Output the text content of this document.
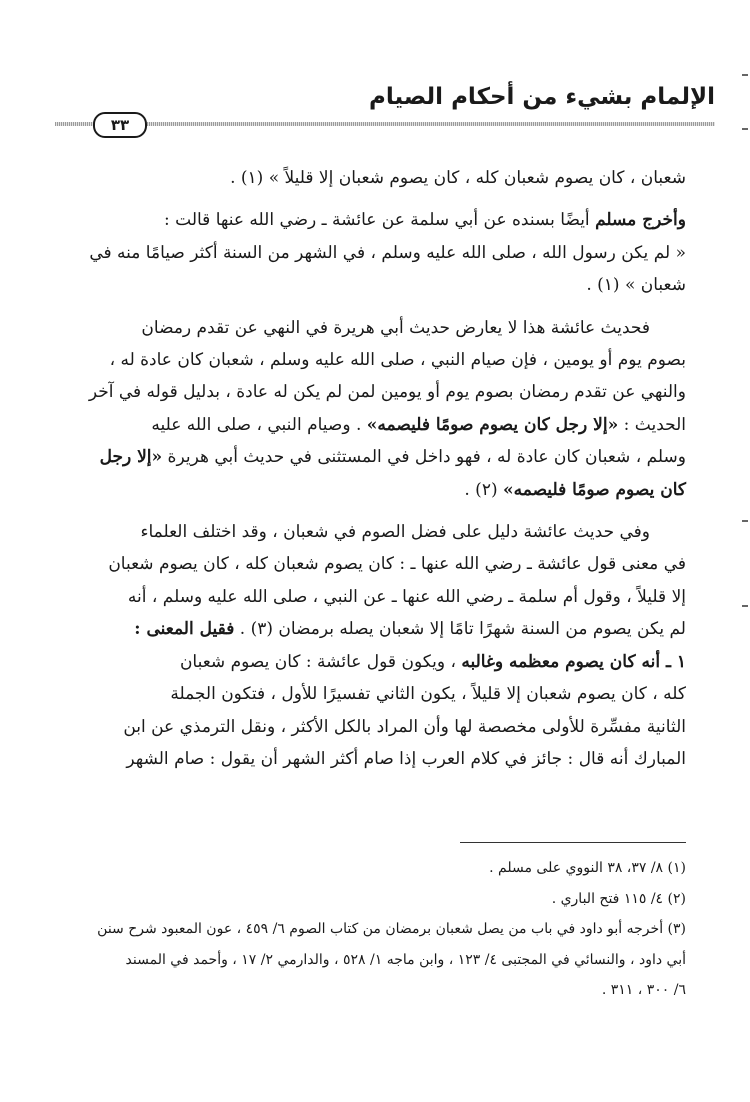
الإلمام بشيء من أحكام الصيام
٣٣

شعبان ، كان يصوم شعبان كله ، كان يصوم شعبان إلا قليلاً » (١) .

وأخرج مسلم أيضًا بسنده عن أبي سلمة عن عائشة ـ رضي الله عنها قالت :

« لم يكن رسول الله ، صلى الله عليه وسلم ، في الشهر من السنة أكثر صيامًا منه في

شعبان » (١) .

فحديث عائشة هذا لا يعارض حديث أبي هريرة في النهي عن تقدم رمضان

بصوم يوم أو يومين ، فإن صيام النبي ، صلى الله عليه وسلم ، شعبان كان عادة له ،

والنهي عن تقدم رمضان بصوم يوم أو يومين لمن لم يكن له عادة ، بدليل قوله في آخر

الحديث : «إلا رجل كان يصوم صومًا فليصمه» . وصيام النبي ، صلى الله عليه

وسلم ، شعبان كان عادة له ، فهو داخل في المستثنى في حديث أبي هريرة «إلا رجل

كان يصوم صومًا فليصمه» (٢) .

وفي حديث عائشة دليل على فضل الصوم في شعبان ، وقد اختلف العلماء

في معنى قول عائشة ـ رضي الله عنها ـ : كان يصوم شعبان كله ، كان يصوم شعبان

إلا قليلاً ، وقول أم سلمة ـ رضي الله عنها ـ عن النبي ، صلى الله عليه وسلم ، أنه

لم يكن يصوم من السنة شهرًا تامًا إلا شعبان يصله برمضان (٣) . فقيل المعنى :

١ ـ أنه كان يصوم معظمه وغالبه ، ويكون قول عائشة : كان يصوم شعبان

كله ، كان يصوم شعبان إلا قليلاً ، يكون الثاني تفسيرًا للأول ، فتكون الجملة

الثانية مفسِّرة للأولى مخصصة لها وأن المراد بالكل الأكثر ، ونقل الترمذي عن ابن

المبارك أنه قال : جائز في كلام العرب إذا صام أكثر الشهر أن يقول : صام الشهر

(١) ٨/ ٣٧، ٣٨ النووي على مسلم .

(٢) ٤/ ١١٥ فتح الباري .

(٣) أخرجه أبو داود في باب من يصل شعبان برمضان من كتاب الصوم ٦/ ٤٥٩ ، عون المعبود شرح سنن

أبي داود ، والنسائي في المجتبى ٤/ ١٢٣ ، وابن ماجه ١/ ٥٢٨ ، والدارمي ٢/ ١٧ ، وأحمد في المسند

٦/ ٣٠٠ ، ٣١١ .
